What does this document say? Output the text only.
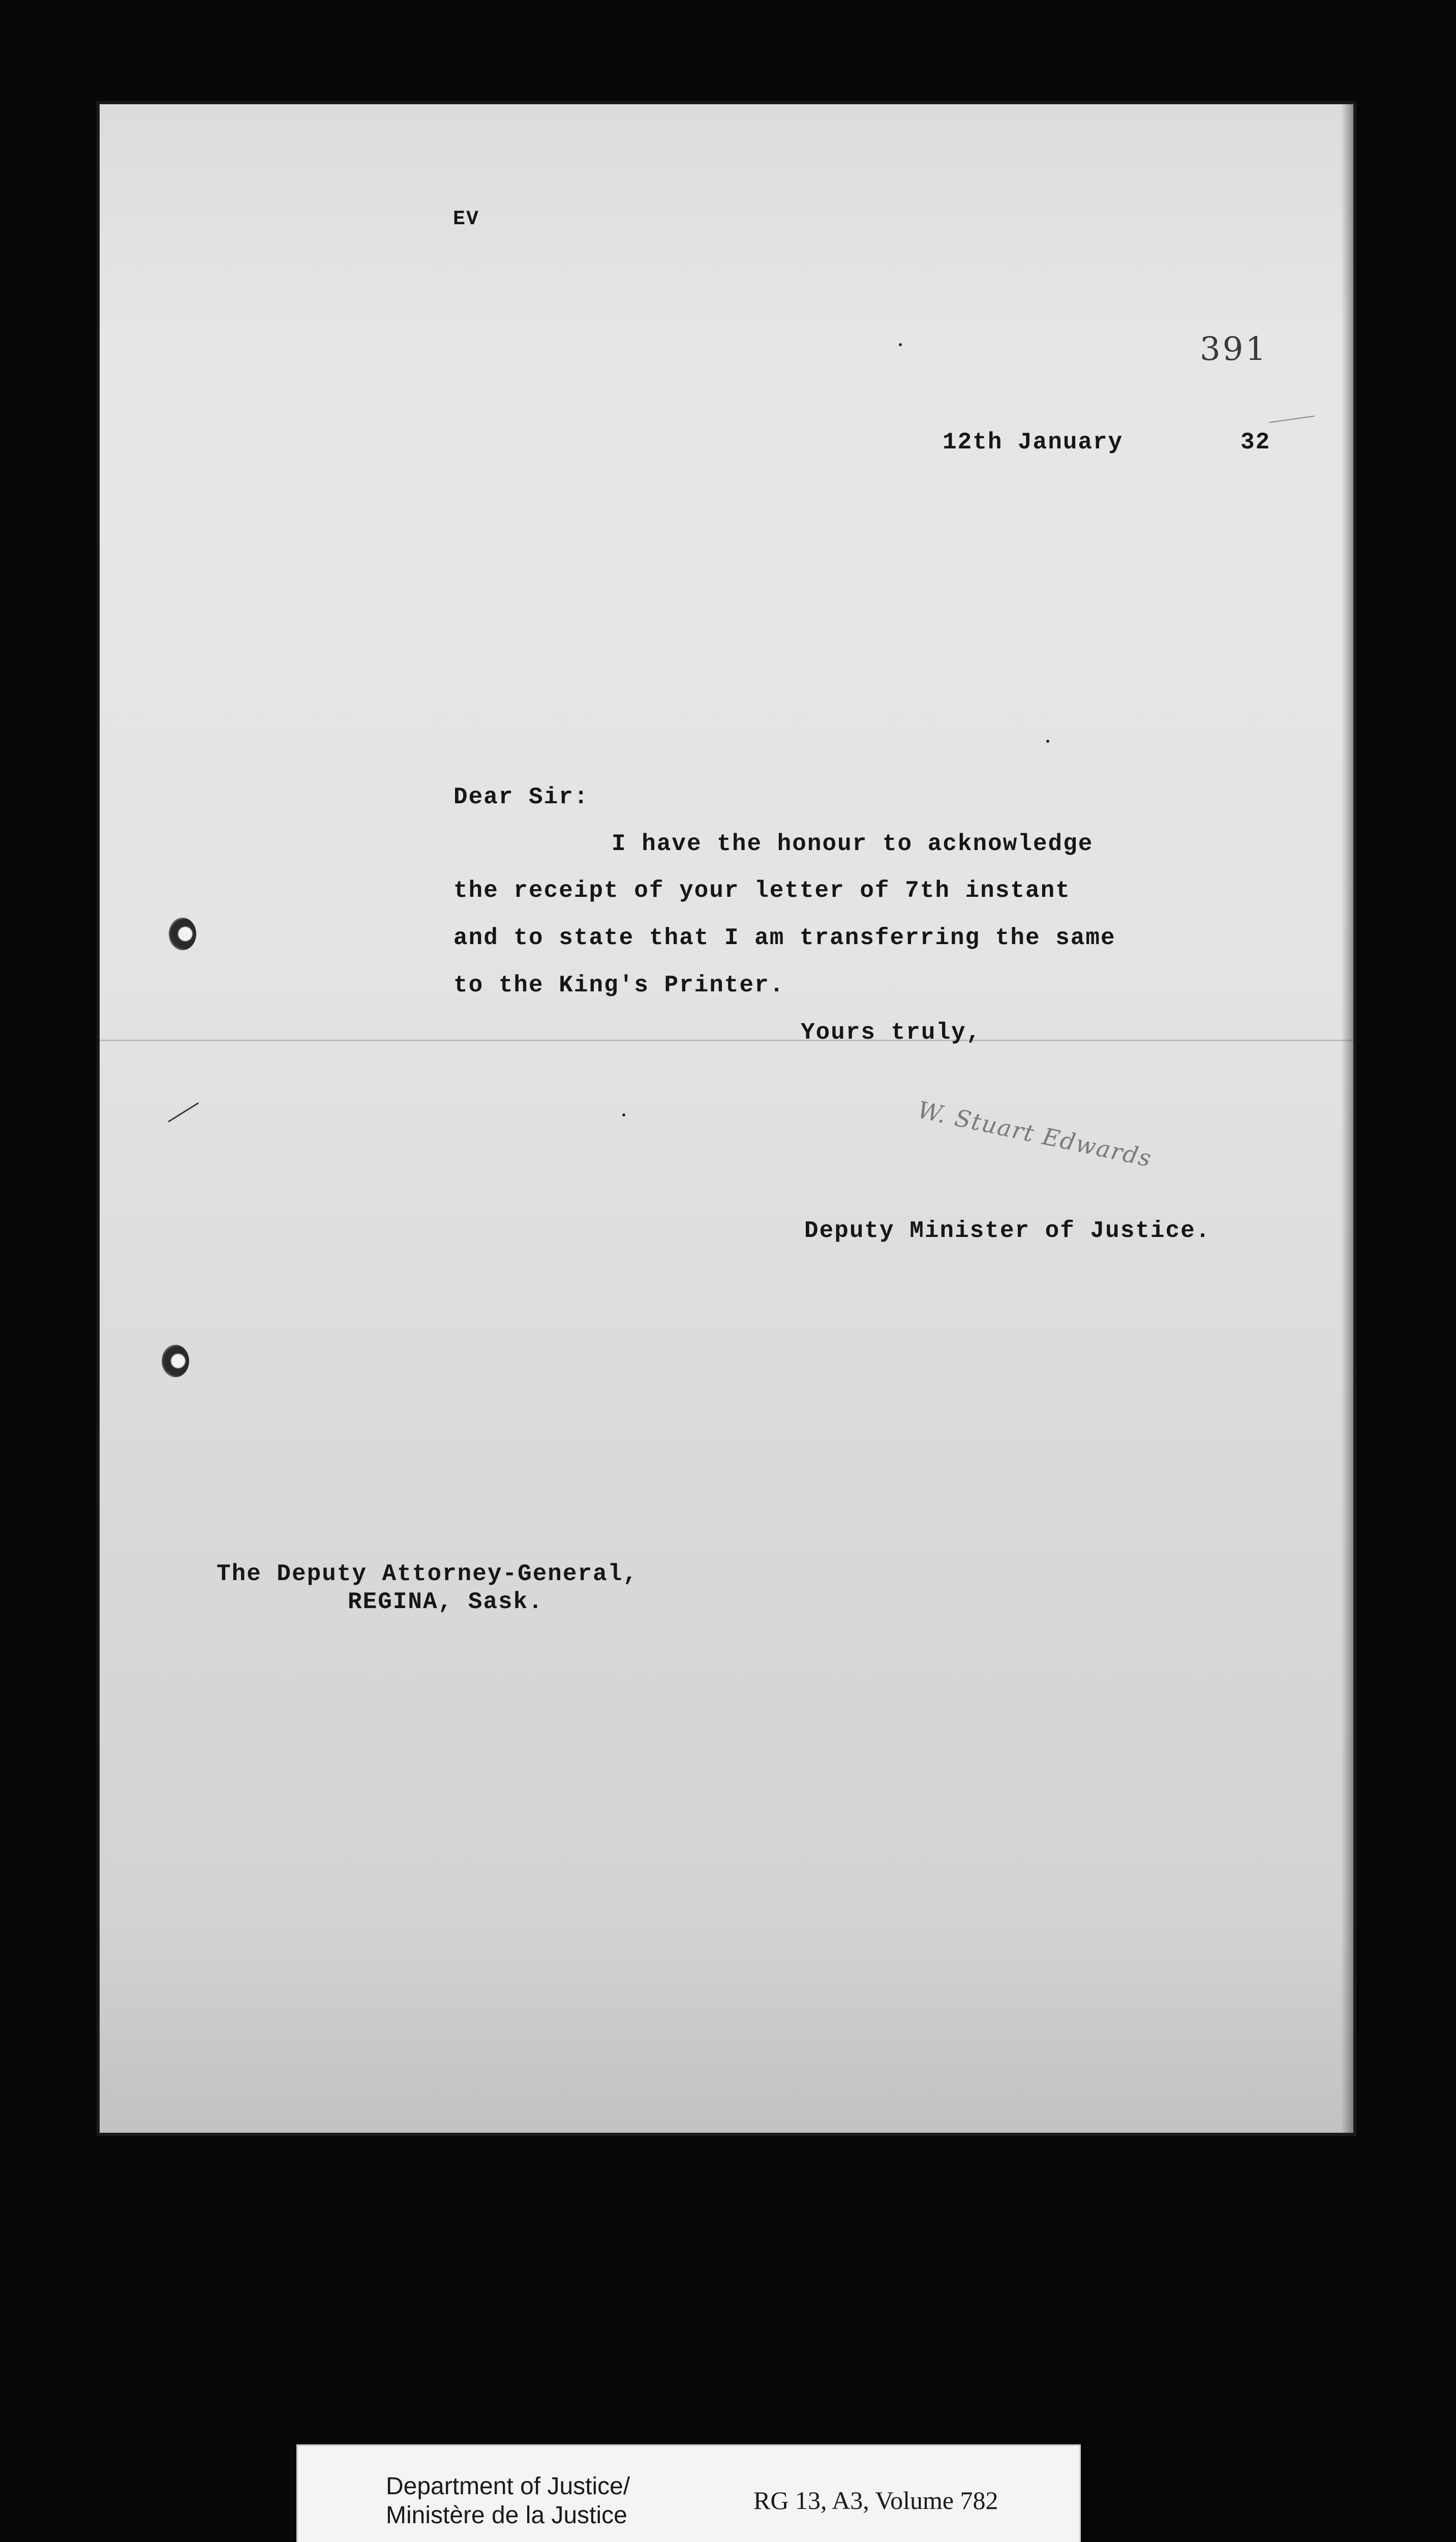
EV
391
12th January	32
Dear Sir:
I have the honour to acknowledge
the receipt of your letter of 7th instant
and to state that I am transferring the same
to the King's Printer.
Yours truly,
W. Stuart Edwards
Deputy Minister of Justice.
The Deputy Attorney-General,
REGINA, Sask.
Department of Justice/
Ministère de la Justice
RG 13, A3, Volume 782
